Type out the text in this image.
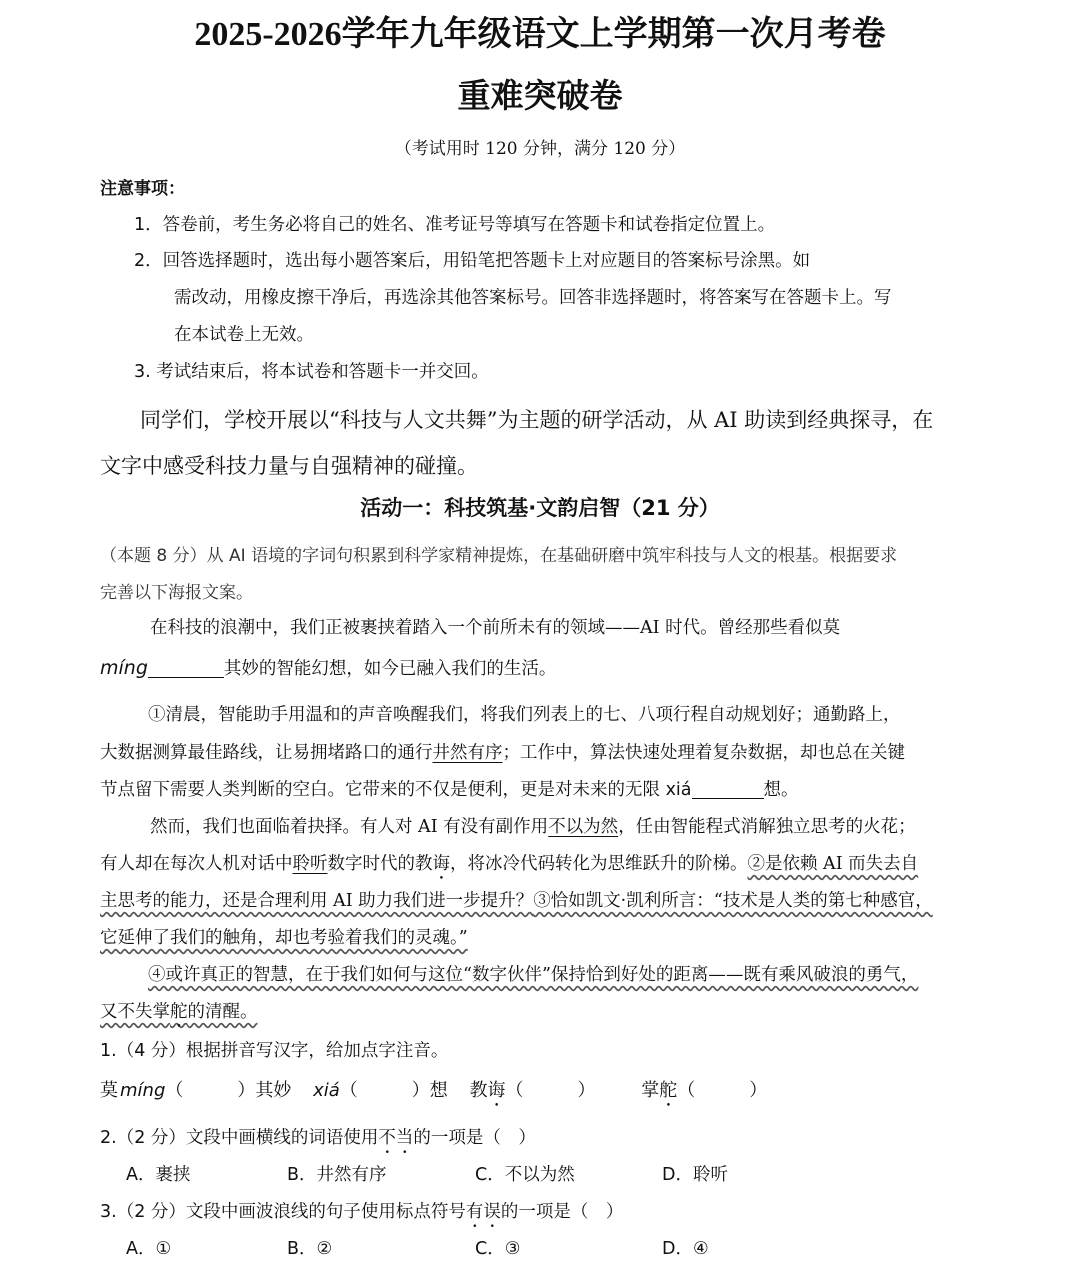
2025-2026学年九年级语文上学期第一次月考卷
重难突破卷
（考试用时 120 分钟，满分 120 分）
注意事项：
1．答卷前，考生务必将自己的姓名、准考证号等填写在答题卡和试卷指定位置上。
2．回答选择题时，选出每小题答案后，用铅笔把答题卡上对应题目的答案标号涂黑。如
需改动，用橡皮擦干净后，再选涂其他答案标号。回答非选择题时，将答案写在答题卡上。写
在本试卷上无效。
3. 考试结束后，将本试卷和答题卡一并交回。
同学们，学校开展以“科技与人文共舞”为主题的研学活动，从 AI 助读到经典探寻，在
文字中感受科技力量与自强精神的碰撞。
活动一：科技筑基·文韵启智（21 分）
（本题 8 分）从 AI 语境的字词句积累到科学家精神提炼，在基础研磨中筑牢科技与人文的根基。根据要求
完善以下海报文案。
在科技的浪潮中，我们正被裹挟着踏入一个前所未有的领域——AI 时代。曾经那些看似莫
míng	其妙的智能幻想，如今已融入我们的生活。
①清晨，智能助手用温和的声音唤醒我们，将我们列表上的七、八项行程自动规划好；通勤路上，
大数据测算最佳路线，让易拥堵路口的通行井然有序；工作中，算法快速处理着复杂数据，却也总在关键
节点留下需要人类判断的空白。它带来的不仅是便利，更是对未来的无限 xiá	想。
然而，我们也面临着抉择。有人对 AI 有没有副作用不以为然，任由智能程式消解独立思考的火花；
有人却在每次人机对话中聆听数字时代的教诲，将冰冷代码转化为思维跃升的阶梯。②是依赖 AI 而失去自
主思考的能力，还是合理利用 AI 助力我们进一步提升？③恰如凯文·凯利所言：“技术是人类的第七种感官，
它延伸了我们的触角，却也考验着我们的灵魂。”
④或许真正的智慧，在于我们如何与这位“数字伙伴”保持恰到好处的距离——既有乘风破浪的勇气，
又不失掌舵的清醒。
1.（4 分）根据拼音写汉字，给加点字注音。
莫 míng（　　　）其妙 xiá（　　　）想 教诲（　　　）	掌舵（　　　）
2.（2 分）文段中画横线的词语使用不当的一项是（　）
A．裹挟	B．井然有序	C．不以为然	D．聆听
3.（2 分）文段中画波浪线的句子使用标点符号有误的一项是（　）
A．①	B．②	C．③	D．④
